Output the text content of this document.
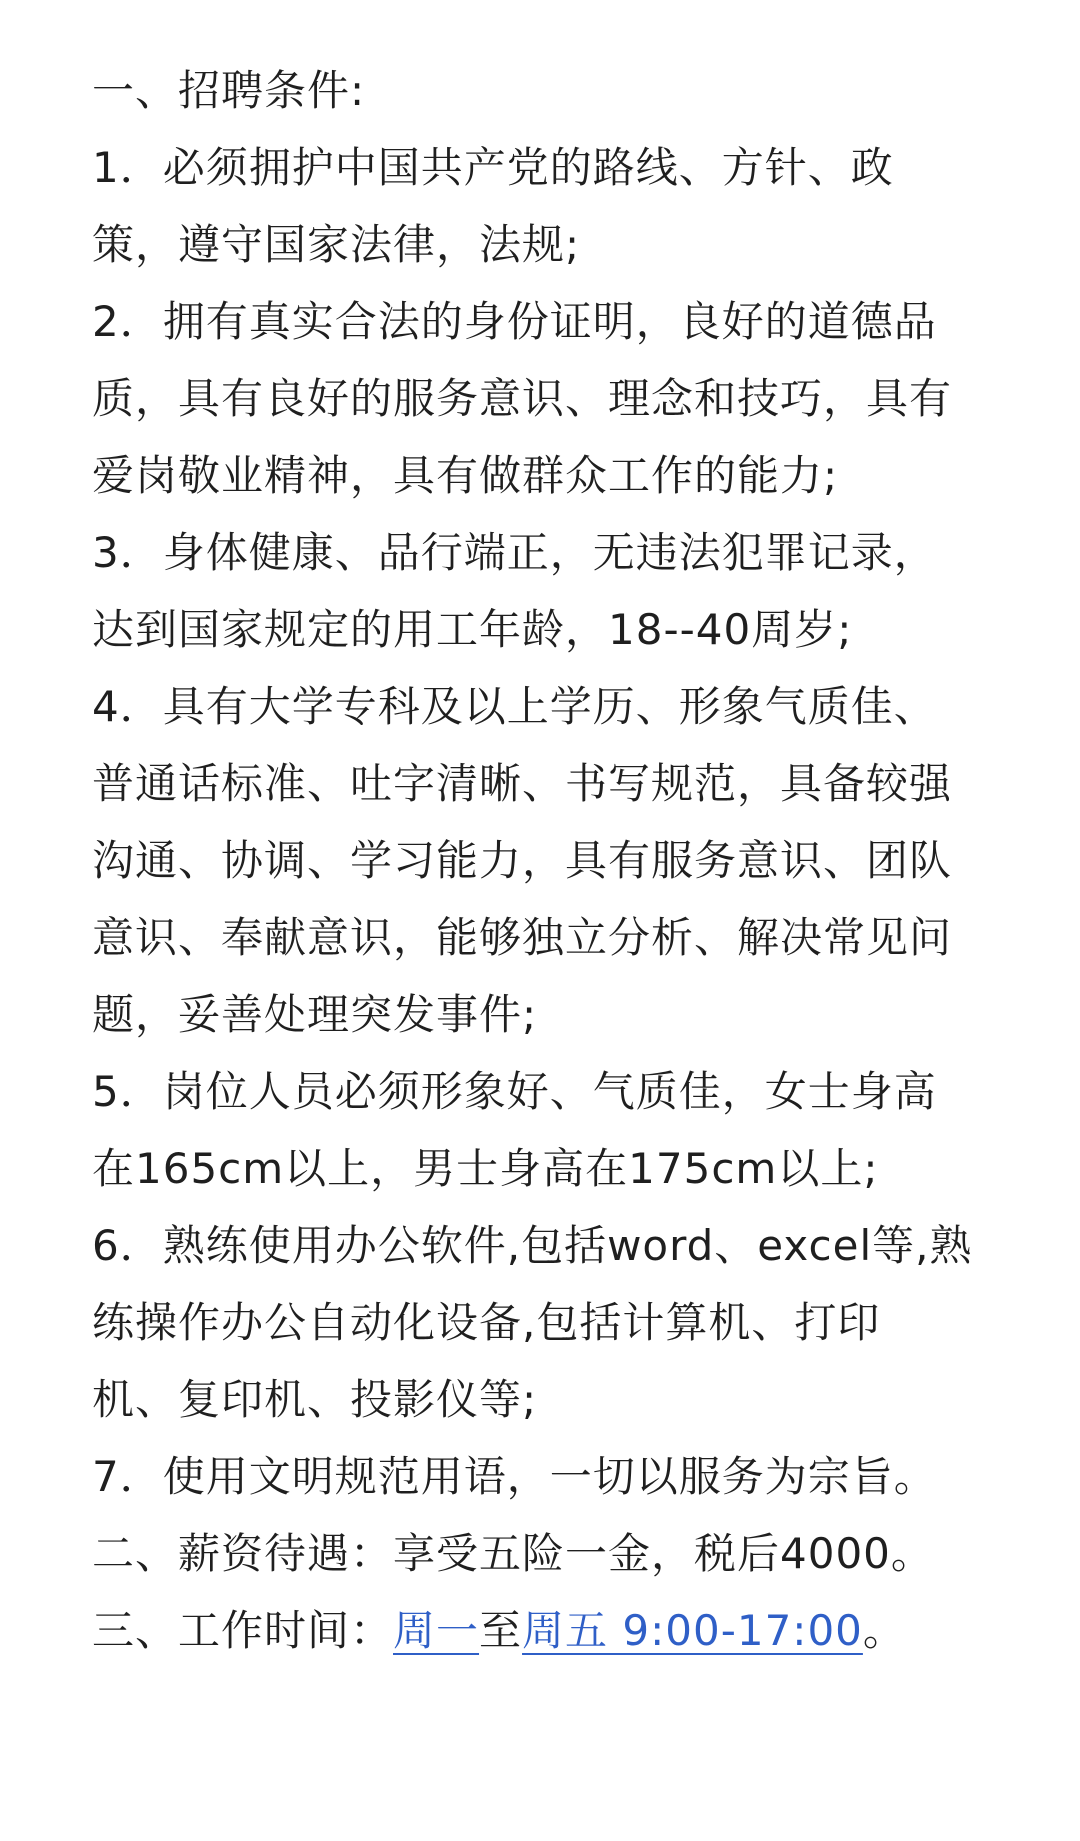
一、招聘条件:
1．必须拥护中国共产党的路线、方针、政
策，遵守国家法律，法规;
2．拥有真实合法的身份证明，良好的道德品
质，具有良好的服务意识、理念和技巧，具有
爱岗敬业精神，具有做群众工作的能力;
3．身体健康、品行端正，无违法犯罪记录，
达到国家规定的用工年龄，18--40周岁;
4．具有大学专科及以上学历、形象气质佳、
普通话标准、吐字清晰、书写规范，具备较强
沟通、协调、学习能力，具有服务意识、团队
意识、奉献意识，能够独立分析、解决常见问
题，妥善处理突发事件;
5．岗位人员必须形象好、气质佳，女士身高
在165cm以上，男士身高在175cm以上;
6．熟练使用办公软件,包括word、excel等,熟
练操作办公自动化设备,包括计算机、打印
机、复印机、投影仪等;
7．使用文明规范用语，一切以服务为宗旨。
二、薪资待遇：享受五险一金，税后4000。
三、工作时间：周一至周五 9:00-17:00。
